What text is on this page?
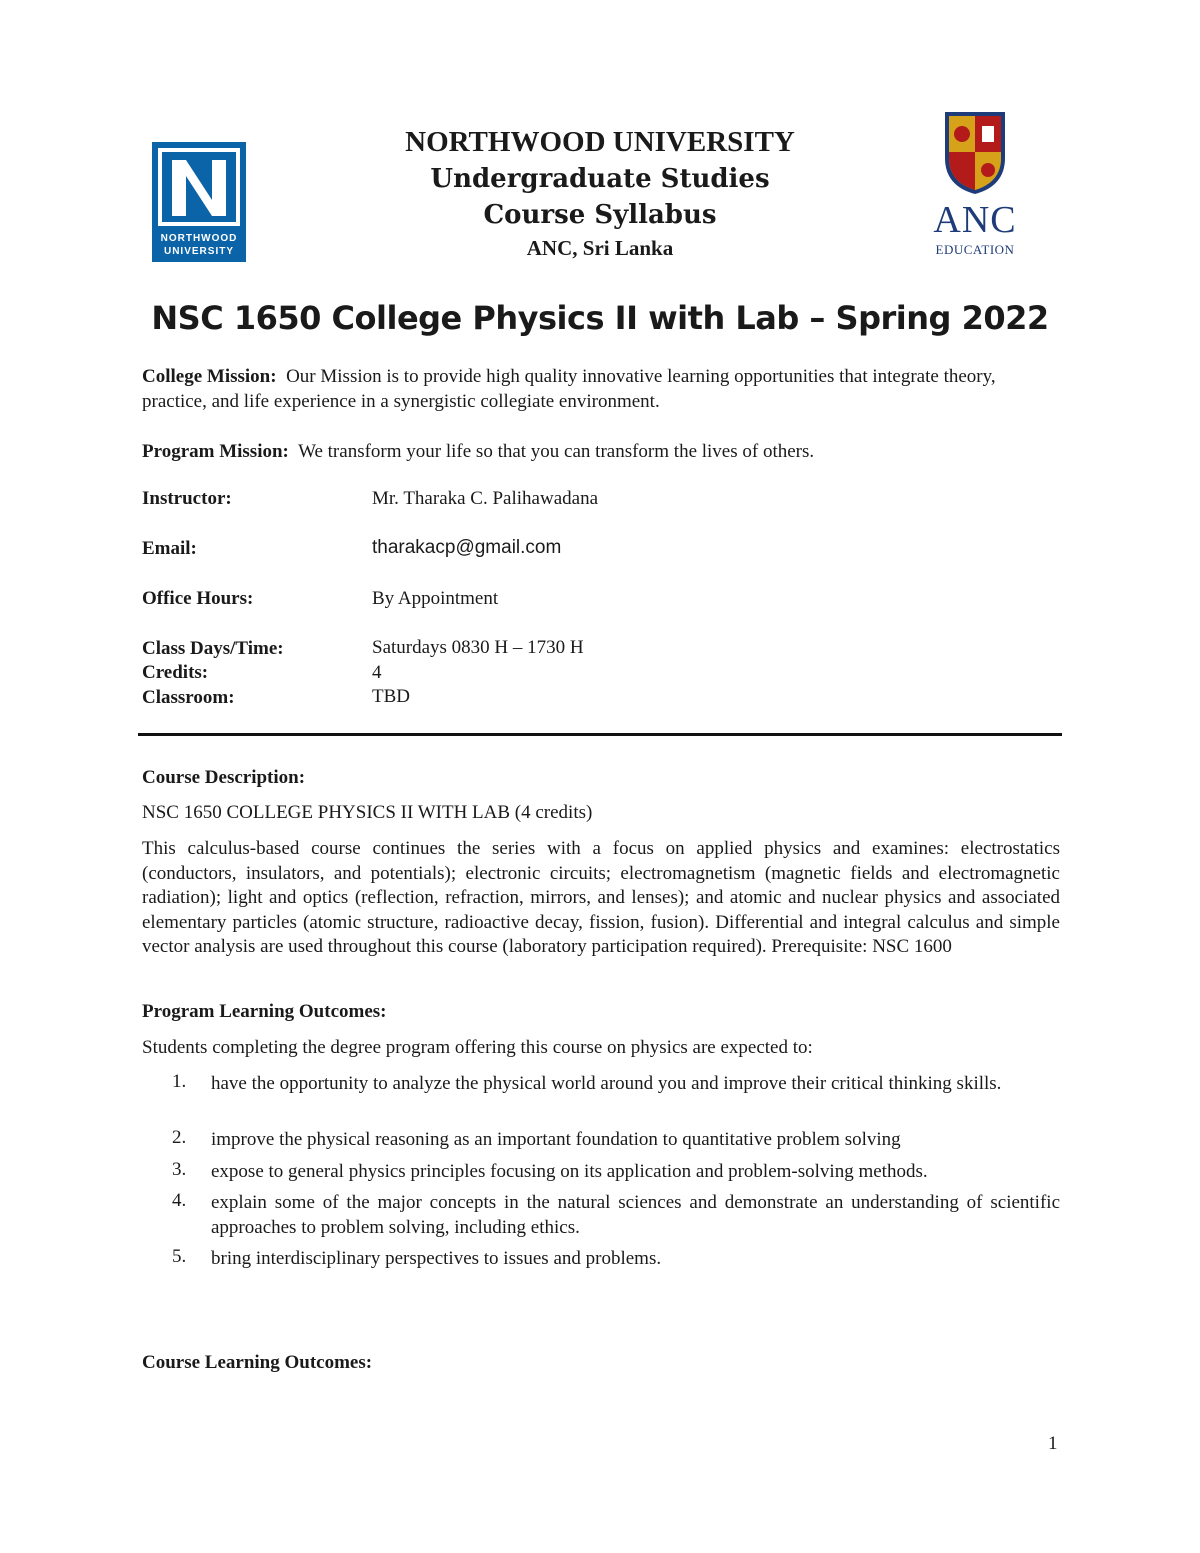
NORTHWOOD
UNIVERSITY
ANC
EDUCATION
NORTHWOOD UNIVERSITY
Undergraduate Studies
Course Syllabus
ANC, Sri Lanka
NSC 1650 College Physics II with Lab – Spring 2022
College Mission: Our Mission is to provide high quality innovative learning opportunities that integrate theory, practice, and life experience in a synergistic collegiate environment.
Program Mission: We transform your life so that you can transform the lives of others.
Instructor:	Mr. Tharaka C. Palihawadana
Email:	tharakacp@gmail.com
Office Hours:	By Appointment
Class Days/Time:	Saturdays 0830 H – 1730 H
Credits:	4
Classroom:	TBD
Course Description:
NSC 1650 COLLEGE PHYSICS II WITH LAB (4 credits)
This calculus-based course continues the series with a focus on applied physics and examines: electrostatics (conductors, insulators, and potentials); electronic circuits; electromagnetism (magnetic fields and electromagnetic radiation); light and optics (reflection, refraction, mirrors, and lenses); and atomic and nuclear physics and associated elementary particles (atomic structure, radioactive decay, fission, fusion). Differential and integral calculus and simple vector analysis are used throughout this course (laboratory participation required). Prerequisite: NSC 1600
Program Learning Outcomes:
Students completing the degree program offering this course on physics are expected to:
1. have the opportunity to analyze the physical world around you and improve their critical thinking skills.
2. improve the physical reasoning as an important foundation to quantitative problem solving
3. expose to general physics principles focusing on its application and problem-solving methods.
4. explain some of the major concepts in the natural sciences and demonstrate an understanding of scientific approaches to problem solving, including ethics.
5. bring interdisciplinary perspectives to issues and problems.
Course Learning Outcomes:
1
